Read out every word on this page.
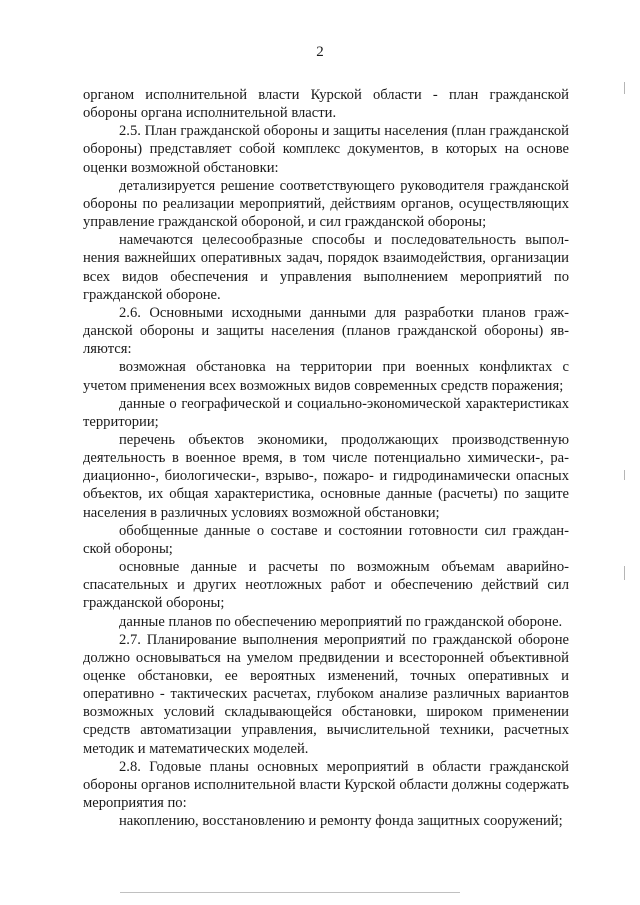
2

органом исполнительной власти Курской области - план гражданской обороны органа исполнительной власти.

2.5. План гражданской обороны и защиты населения (план гражданской обороны) представляет собой комплекс документов, в которых на основе оценки возможной обстановки:

детализируется решение соответствующего руководителя гражданской обороны по реализации мероприятий, действиям органов, осуществляющих управление гражданской обороной, и сил гражданской обороны;

намечаются целесообразные способы и последовательность выполнения важнейших оперативных задач, порядок взаимодействия, организации всех видов обеспечения и управления выполнением мероприятий по гражданской обороне.

2.6. Основными исходными данными для разработки планов гражданской обороны и защиты населения (планов гражданской обороны) являются:

возможная обстановка на территории при военных конфликтах с учетом применения всех возможных видов современных средств поражения;

данные о географической и социально-экономической характеристиках территории;

перечень объектов экономики, продолжающих производственную деятельность в военное время, в том числе потенциально химически-, радиационно-, биологически-, взрыво-, пожаро- и гидродинамически опасных объектов, их общая характеристика, основные данные (расчеты) по защите населения в различных условиях возможной обстановки;

обобщенные данные о составе и состоянии готовности сил гражданской обороны;

основные данные и расчеты по возможным объемам аварийно-спасательных и других неотложных работ и обеспечению действий сил гражданской обороны;

данные планов по обеспечению мероприятий по гражданской обороне.

2.7. Планирование выполнения мероприятий по гражданской обороне должно основываться на умелом предвидении и всесторонней объективной оценке обстановки, ее вероятных изменений, точных оперативных и оперативно - тактических расчетах, глубоком анализе различных вариантов возможных условий складывающейся обстановки, широком применении средств автоматизации управления, вычислительной техники, расчетных методик и математических моделей.

2.8. Годовые планы основных мероприятий в области гражданской обороны органов исполнительной власти Курской области должны содержать мероприятия по:

накоплению, восстановлению и ремонту фонда защитных сооружений;
